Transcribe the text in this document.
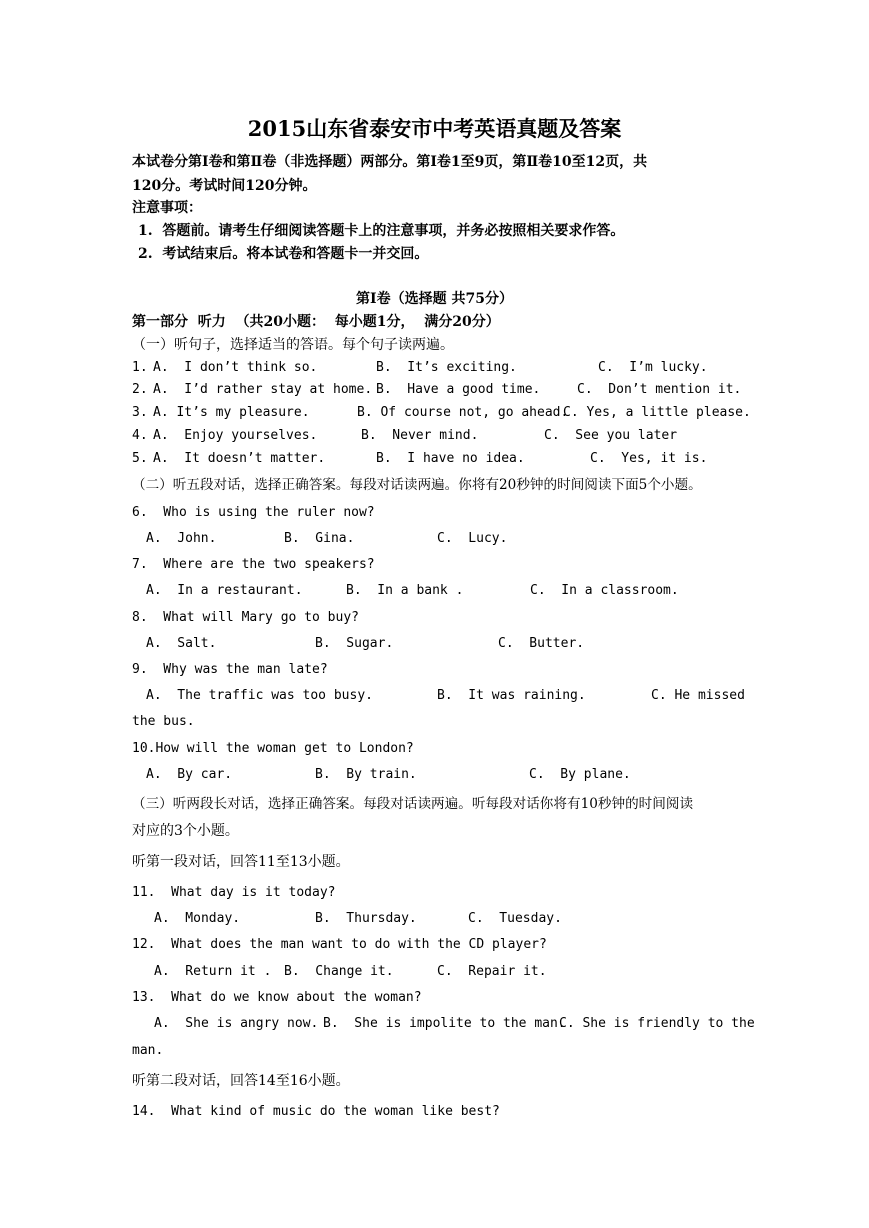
2015山东省泰安市中考英语真题及答案
本试卷分第Ⅰ卷和第Ⅱ卷（非选择题）两部分。第Ⅰ卷1至9页，第Ⅱ卷10至12页，共
120分。考试时间120分钟。
注意事项：
1.  答题前。请考生仔细阅读答题卡上的注意事项，并务必按照相关要求作答。
2.  考试结束后。将本试卷和答题卡一并交回。
第Ⅰ卷（选择题 共75分）
第一部分  听力  （共20小题：  每小题1分，  满分20分）
（一）听句子，选择适当的答语。每个句子读两遍。
1. A.  I don’t think so.	B.  It’s exciting.	C.  I’m lucky.
2. A.  I’d rather stay at home. B.  Have a good time.	C.  Don’t mention it.
3. A. It’s my pleasure.	B. Of course not, go ahead.
C. Yes, a little please.
4. A.  Enjoy yourselves.	B.  Never mind.	C.  See you later
5. A.  It doesn’t matter.	B.  I have no idea.	C.  Yes, it is.
（二）听五段对话，选择正确答案。每段对话读两遍。你将有20秒钟的时间阅读下面5个小题。
6.  Who is using the ruler now?
A.  John.	B.  Gina.	C.  Lucy.
7.  Where are the two speakers?
A.  In a restaurant.	B.  In a bank .	C.  In a classroom.
8.  What will Mary go to buy?
A.  Salt.	B.  Sugar.	C.  Butter.
9.  Why was the man late?
A.  The traffic was too busy.	B.  It was raining.	C. He missed
the bus.
10.How will the woman get to London?
A.  By car.	B.  By train.	C.  By plane.
（三）听两段长对话，选择正确答案。每段对话读两遍。听每段对话你将有10秒钟的时间阅读
对应的3个小题。
听第一段对话，回答11至13小题。
11.  What day is it today?
A.  Monday.	B.  Thursday.	C.  Tuesday.
12.  What does the man want to do with the CD player?
A.  Return it . B.  Change it.	C.  Repair it.
13.  What do we know about the woman?
A.  She is angry now. B.  She is impolite to the man.
C. She is friendly to the
man.
听第二段对话，回答14至16小题。
14.  What kind of music do the woman like best?
